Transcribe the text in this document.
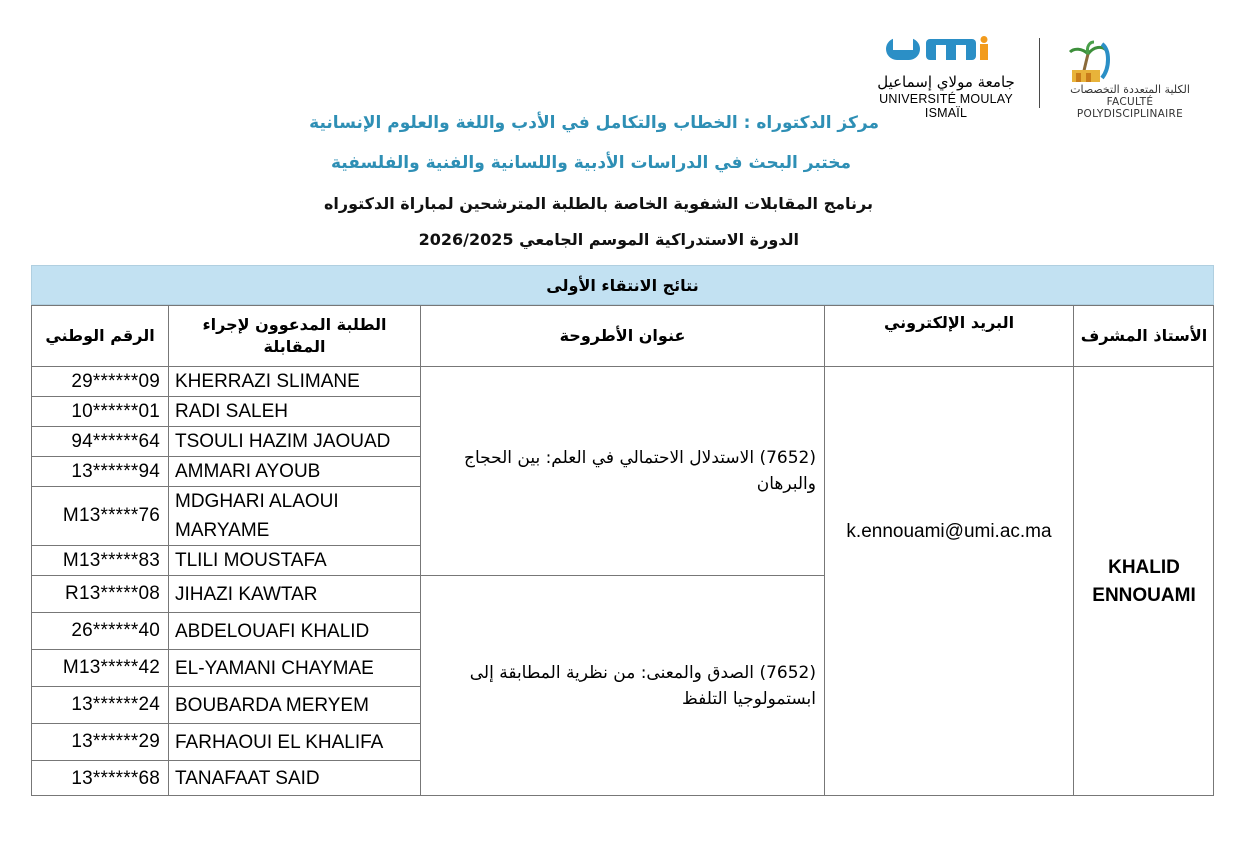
جامعة مولاي إسماعيل
UNIVERSITÉ MOULAY ISMAÏL
الكلية المتعددة التخصصات
FACULTÉ POLYDISCIPLINAIRE
مركز الدكتوراه : الخطاب والتكامل في الأدب واللغة والعلوم الإنسانية
مختبر البحث في الدراسات الأدبية واللسانية والفنية والفلسفية
برنامج المقابلات الشفوية الخاصة بالطلبة المترشحين لمباراة الدكتوراه
الدورة الاستدراكية الموسم الجامعي 2026/2025
نتائج الانتقاء الأولى
الرقم الوطني
الطلبة المدعوون لإجراء المقابلة
عنوان الأطروحة
البريد الإلكتروني
الأستاذ المشرف
29******09 KHERRAZI SLIMANE
10******01 RADI SALEH
94******64 TSOULI HAZIM JAOUAD
13******94 AMMARI AYOUB
M13*****76
MDGHARI ALAOUI MARYAME
M13*****83 TLILI MOUSTAFA
(7652) الاستدلال الاحتمالي في العلم: بين الحجاج والبرهان
R13*****08 JIHAZI KAWTAR
26******40 ABDELOUAFI KHALID
M13*****42 EL-YAMANI CHAYMAE
13******24 BOUBARDA MERYEM
13******29 FARHAOUI EL KHALIFA
13******68 TANAFAAT SAID
(7652) الصدق والمعنى: من نظرية المطابقة إلى ابستمولوجيا التلفظ
k.ennouami@umi.ac.ma
KHALID ENNOUAMI
